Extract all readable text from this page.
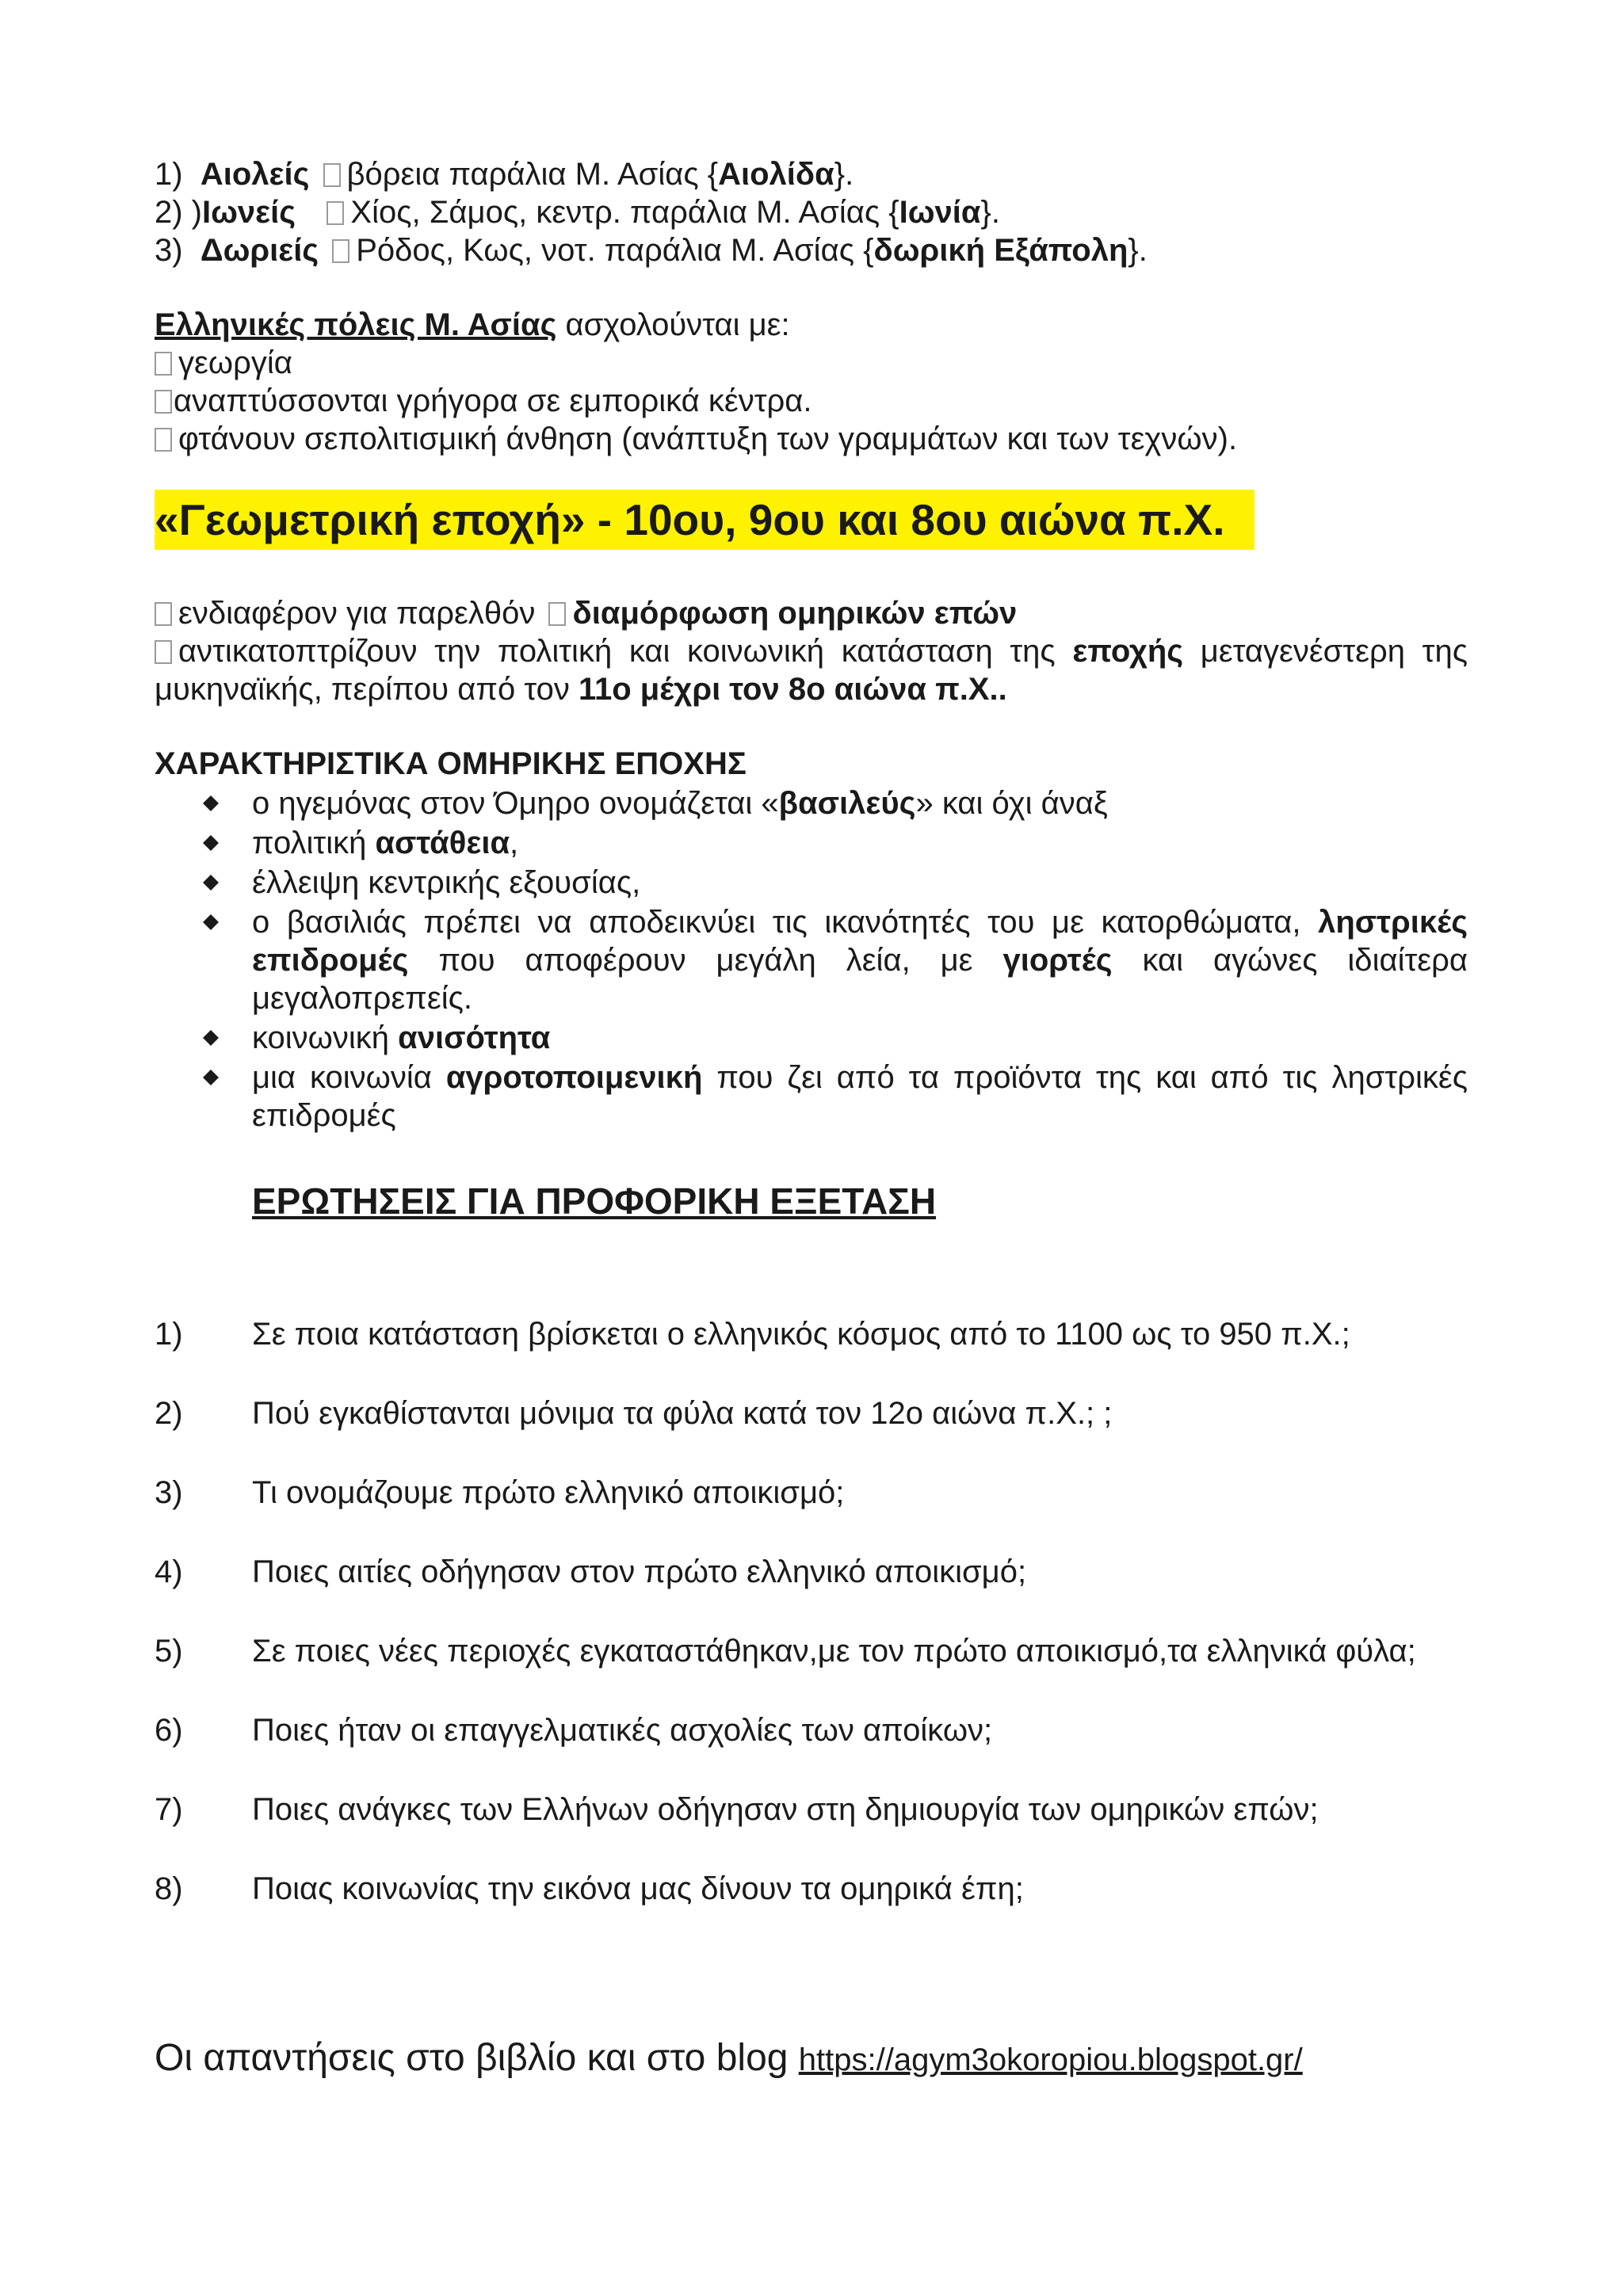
1) Αιολείς βόρεια παράλια Μ. Ασίας {Αιολίδα}.
2) )Ιωνείς Χίος, Σάμος, κεντρ. παράλια Μ. Ασίας {Ιωνία}.
3) Δωριείς Ρόδος, Κως, νοτ. παράλια Μ. Ασίας {δωρική Εξάπολη}.
Ελληνικές πόλεις Μ. Ασίας ασχολούνται με:
γεωργία
αναπτύσσονται γρήγορα σε εμπορικά κέντρα.
φτάνουν σεπολιτισμική άνθηση (ανάπτυξη των γραμμάτων και των τεχνών).
«Γεωμετρική εποχή» - 10ου, 9ου και 8ου αιώνα π.Χ.
ενδιαφέρον για παρελθόν διαμόρφωση ομηρικών επών
αντικατοπτρίζουν την πολιτική και κοινωνική κατάσταση της εποχής μεταγενέστερη της
μυκηναϊκής, περίπου από τον 11ο μέχρι τον 8ο αιώνα π.Χ..
ΧΑΡΑΚΤΗΡΙΣΤΙΚΑ ΟΜΗΡΙΚΗΣ ΕΠΟΧΗΣ
ο ηγεμόνας στον Όμηρο ονομάζεται «βασιλεύς» και όχι άναξ
πολιτική αστάθεια,
έλλειψη κεντρικής εξουσίας,
ο βασιλιάς πρέπει να αποδεικνύει τις ικανότητές του με κατορθώματα, ληστρικές
επιδρομές που αποφέρουν μεγάλη λεία, με γιορτές και αγώνες ιδιαίτερα
μεγαλοπρεπείς.
κοινωνική ανισότητα
μια κοινωνία αγροτοποιμενική που ζει από τα προϊόντα της και από τις ληστρικές
επιδρομές
ΕΡΩΤΗΣΕΙΣ ΓΙΑ ΠΡΟΦΟΡΙΚΗ ΕΞΕΤΑΣΗ
1) Σε ποια κατάσταση βρίσκεται ο ελληνικός κόσμος από το 1100 ως το 950 π.Χ.;
2) Πού εγκαθίστανται μόνιμα τα φύλα κατά τον 12ο αιώνα π.Χ.; ;
3) Τι ονομάζουμε πρώτο ελληνικό αποικισμό;
4) Ποιες αιτίες οδήγησαν στον πρώτο ελληνικό αποικισμό;
5) Σε ποιες νέες περιοχές εγκαταστάθηκαν,με τον πρώτο αποικισμό,τα ελληνικά φύλα;
6) Ποιες ήταν οι επαγγελματικές ασχολίες των αποίκων;
7) Ποιες ανάγκες των Ελλήνων οδήγησαν στη δημιουργία των ομηρικών επών;
8) Ποιας κοινωνίας την εικόνα μας δίνουν τα ομηρικά έπη;
Οι απαντήσεις στο βιβλίο και στο blog https://agym3okoropiou.blogspot.gr/
